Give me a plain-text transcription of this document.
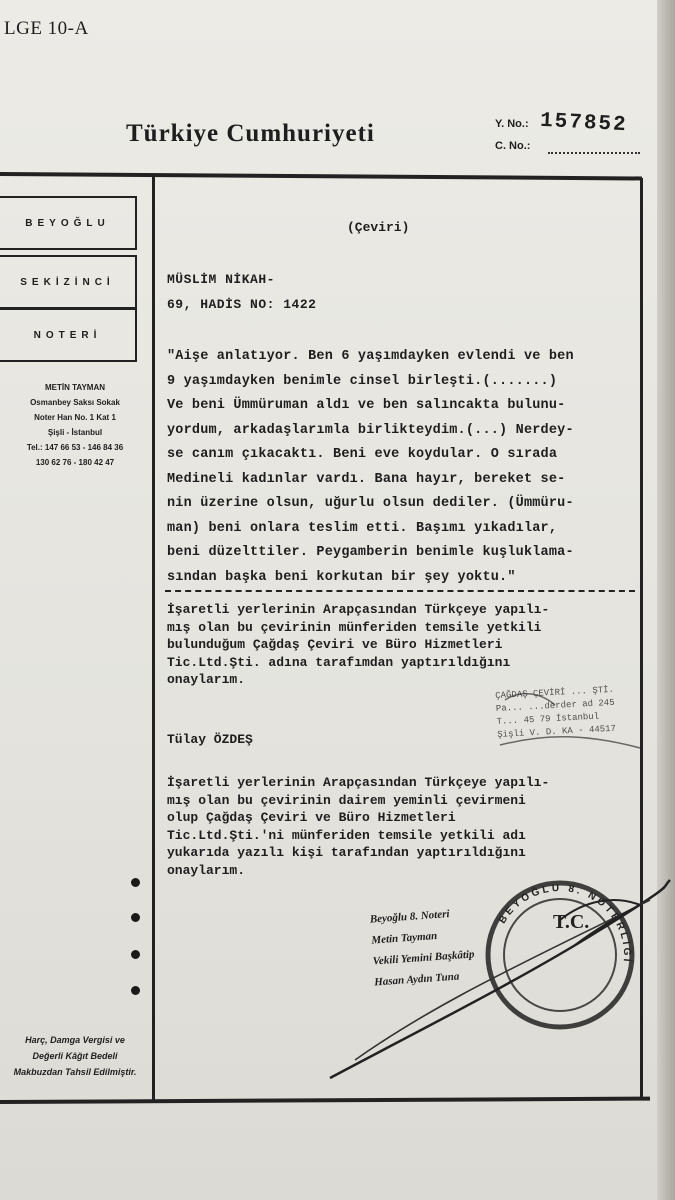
LGE 10-A
Türkiye Cumhuriyeti	Y. No.: 157852
C. No.:
BEYOĞLU
SEKİZİNCİ
NOTERİ
METİN TAYMAN
Osmanbey Saksı Sokak
Noter Han No. 1 Kat 1
Şişli - İstanbul
Tel.: 147 66 53 - 146 84 36
130 62 76 - 180 42 47
Harç, Damga Vergisi ve
Değerli Kâğıt Bedeli
Makbuzdan Tahsil Edilmiştir.
(Çeviri)
MÜSLİM NİKAH-
69, HADİS NO: 1422
"Aişe anlatıyor. Ben 6 yaşımdayken evlendi ve ben
9 yaşımdayken benimle cinsel birleşti.(.......)
Ve beni Ümmüruman aldı ve ben salıncakta bulunu-
yordum, arkadaşlarımla birlikteydim.(...) Nerdey-
se canım çıkacaktı. Beni eve koydular. O sırada
Medineli kadınlar vardı. Bana hayır, bereket se-
nin üzerine olsun, uğurlu olsun dediler. (Ümmüru-
man) beni onlara teslim etti. Başımı yıkadılar,
beni düzelttiler. Peygamberin benimle kuşluklama-
sından başka beni korkutan bir şey yoktu."
İşaretli yerlerinin Arapçasından Türkçeye yapılı-
mış olan bu çevirinin münferiden temsile yetkili
bulunduğum Çağdaş Çeviri ve Büro Hizmetleri
Tic.Ltd.Şti. adına tarafımdan yaptırıldığını
onaylarım.
Tülay ÖZDEŞ
ÇAĞDAŞ ÇEVİRİ ... ŞTİ.
Pa... ...derder ad 245
T... 45 79 İstanbul
Şişli V. D. KA - 44517
İşaretli yerlerinin Arapçasından Türkçeye yapılı-
mış olan bu çevirinin dairem yeminli çevirmeni
olup Çağdaş Çeviri ve Büro Hizmetleri
Tic.Ltd.Şti.'ni münferiden temsile yetkili adı
yukarıda yazılı kişi tarafından yaptırıldığını
onaylarım.
Beyoğlu 8. Noteri
Metin Tayman
Vekili Yemini Başkâtip
Hasan Aydın Tuna
BEYOĞLU 8. NOTERLİĞİ
T.C.
